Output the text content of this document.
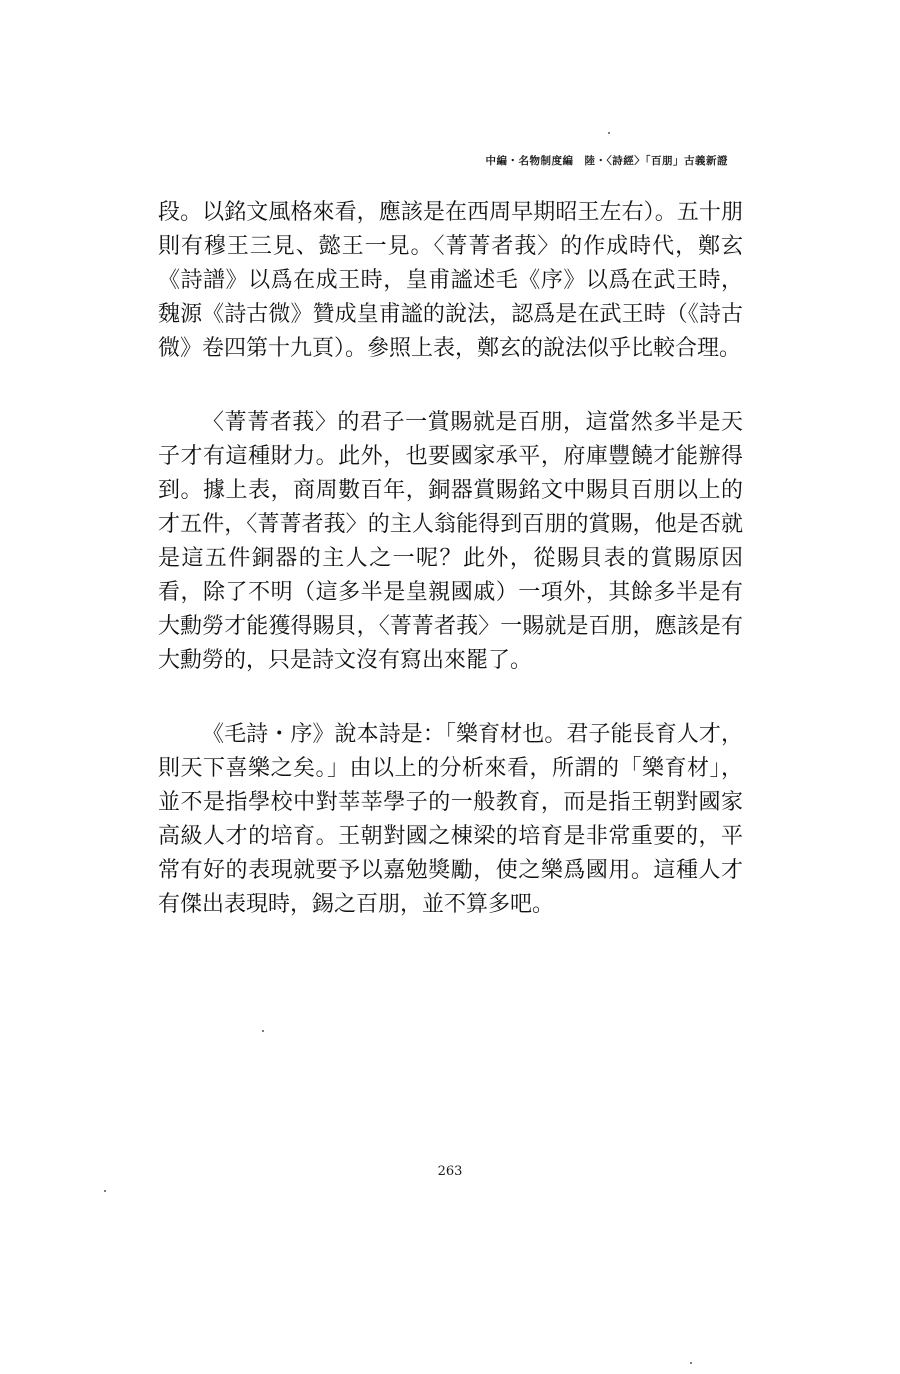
中編・名物制度編　陸・〈詩經〉「百朋」古義新證

段。以銘文風格來看，應該是在西周早期昭王左右）。五十朋則有穆王三見、懿王一見。〈菁菁者莪〉的作成時代，鄭玄《詩譜》以爲在成王時，皇甫謐述毛《序》以爲在武王時，魏源《詩古微》贊成皇甫謐的說法，認爲是在武王時（《詩古微》卷四第十九頁）。參照上表，鄭玄的說法似乎比較合理。

〈菁菁者莪〉的君子一賞賜就是百朋，這當然多半是天子才有這種財力。此外，也要國家承平，府庫豐饒才能辦得到。據上表，商周數百年，銅器賞賜銘文中賜貝百朋以上的才五件，〈菁菁者莪〉的主人翁能得到百朋的賞賜，他是否就是這五件銅器的主人之一呢？此外，從賜貝表的賞賜原因看，除了不明（這多半是皇親國戚）一項外，其餘多半是有大勳勞才能獲得賜貝，〈菁菁者莪〉一賜就是百朋，應該是有大勳勞的，只是詩文沒有寫出來罷了。

《毛詩・序》說本詩是：「樂育材也。君子能長育人才，則天下喜樂之矣。」由以上的分析來看，所謂的「樂育材」，並不是指學校中對莘莘學子的一般教育，而是指王朝對國家高級人才的培育。王朝對國之棟梁的培育是非常重要的，平常有好的表現就要予以嘉勉獎勵，使之樂爲國用。這種人才有傑出表現時，錫之百朋，並不算多吧。

263
